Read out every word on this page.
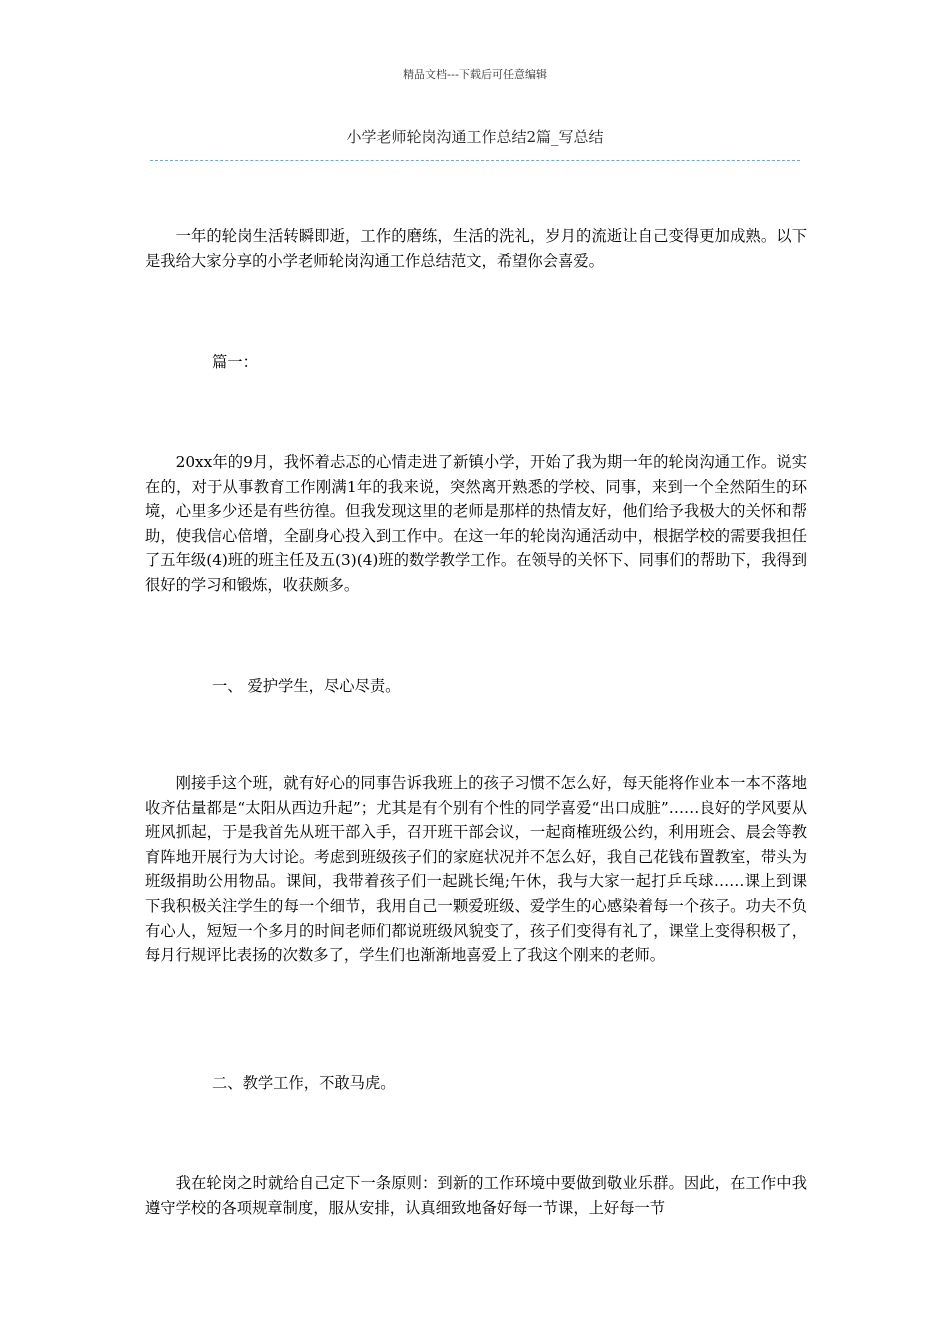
精品文档---下载后可任意编辑
小学老师轮岗沟通工作总结2篇_写总结

一年的轮岗生活转瞬即逝，工作的磨练，生活的洗礼，岁月的流逝让自己变得更加成熟。以下是我给大家分享的小学老师轮岗沟通工作总结范文，希望你会喜爱。

篇一：

20xx年的9月，我怀着忐忑的心情走进了新镇小学，开始了我为期一年的轮岗沟通工作。说实在的，对于从事教育工作刚满1年的我来说，突然离开熟悉的学校、同事，来到一个全然陌生的环境，心里多少还是有些彷徨。但我发现这里的老师是那样的热情友好，他们给予我极大的关怀和帮助，使我信心倍增，全副身心投入到工作中。在这一年的轮岗沟通活动中，根据学校的需要我担任了五年级(4)班的班主任及五(3)(4)班的数学教学工作。在领导的关怀下、同事们的帮助下，我得到很好的学习和锻炼，收获颇多。

一、 爱护学生，尽心尽责。

刚接手这个班，就有好心的同事告诉我班上的孩子习惯不怎么好，每天能将作业本一本不落地收齐估量都是“太阳从西边升起”；尤其是有个别有个性的同学喜爱“出口成脏”……良好的学风要从班风抓起，于是我首先从班干部入手，召开班干部会议，一起商榷班级公约，利用班会、晨会等教育阵地开展行为大讨论。考虑到班级孩子们的家庭状况并不怎么好，我自己花钱布置教室，带头为班级捐助公用物品。课间，我带着孩子们一起跳长绳;午休，我与大家一起打乒乓球……课上到课下我积极关注学生的每一个细节，我用自己一颗爱班级、爱学生的心感染着每一个孩子。功夫不负有心人，短短一个多月的时间老师们都说班级风貌变了，孩子们变得有礼了，课堂上变得积极了，每月行规评比表扬的次数多了，学生们也渐渐地喜爱上了我这个刚来的老师。

二、教学工作，不敢马虎。

我在轮岗之时就给自己定下一条原则：到新的工作环境中要做到敬业乐群。因此，在工作中我遵守学校的各项规章制度，服从安排，认真细致地备好每一节课，上好每一节
